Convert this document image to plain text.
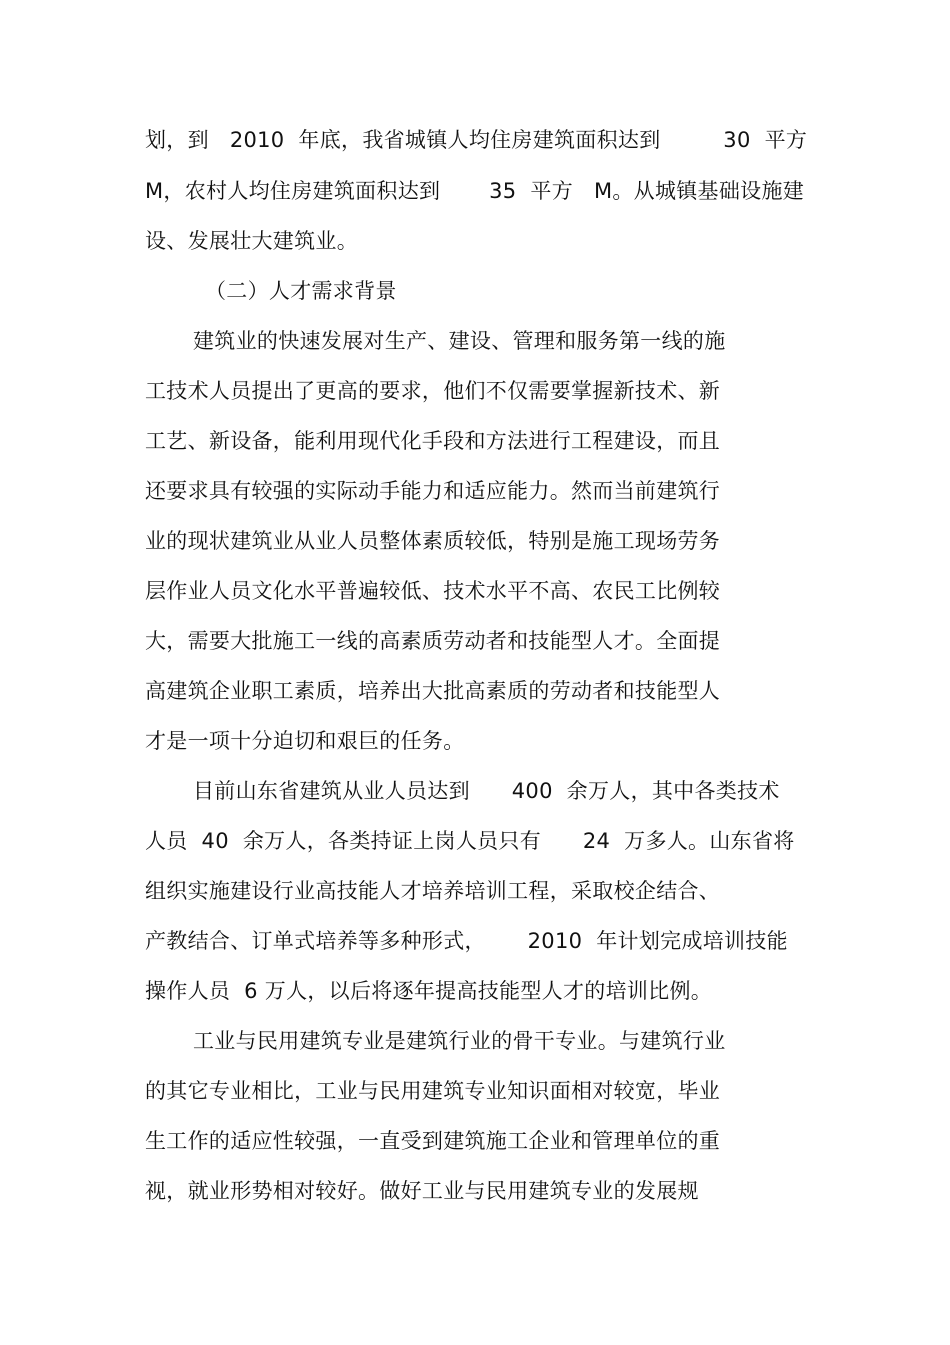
划，到   2010  年底，我省城镇人均住房建筑面积达到         30  平方
M，农村人均住房建筑面积达到       35  平方   M。从城镇基础设施建
设、发展壮大建筑业。
（二）人才需求背景
建筑业的快速发展对生产、建设、管理和服务第一线的施
工技术人员提出了更高的要求，他们不仅需要掌握新技术、新
工艺、新设备，能利用现代化手段和方法进行工程建设，而且
还要求具有较强的实际动手能力和适应能力。然而当前建筑行
业的现状建筑业从业人员整体素质较低，特别是施工现场劳务
层作业人员文化水平普遍较低、技术水平不高、农民工比例较
大，需要大批施工一线的高素质劳动者和技能型人才。全面提
高建筑企业职工素质，培养出大批高素质的劳动者和技能型人
才是一项十分迫切和艰巨的任务。
目前山东省建筑从业人员达到      400  余万人，其中各类技术
人员  40  余万人，各类持证上岗人员只有      24  万多人。山东省将
组织实施建设行业高技能人才培养培训工程，采取校企结合、
产教结合、订单式培养等多种形式，      2010  年计划完成培训技能
操作人员  6 万人，以后将逐年提高技能型人才的培训比例。
工业与民用建筑专业是建筑行业的骨干专业。与建筑行业
的其它专业相比，工业与民用建筑专业知识面相对较宽，毕业
生工作的适应性较强，一直受到建筑施工企业和管理单位的重
视，就业形势相对较好。做好工业与民用建筑专业的发展规
